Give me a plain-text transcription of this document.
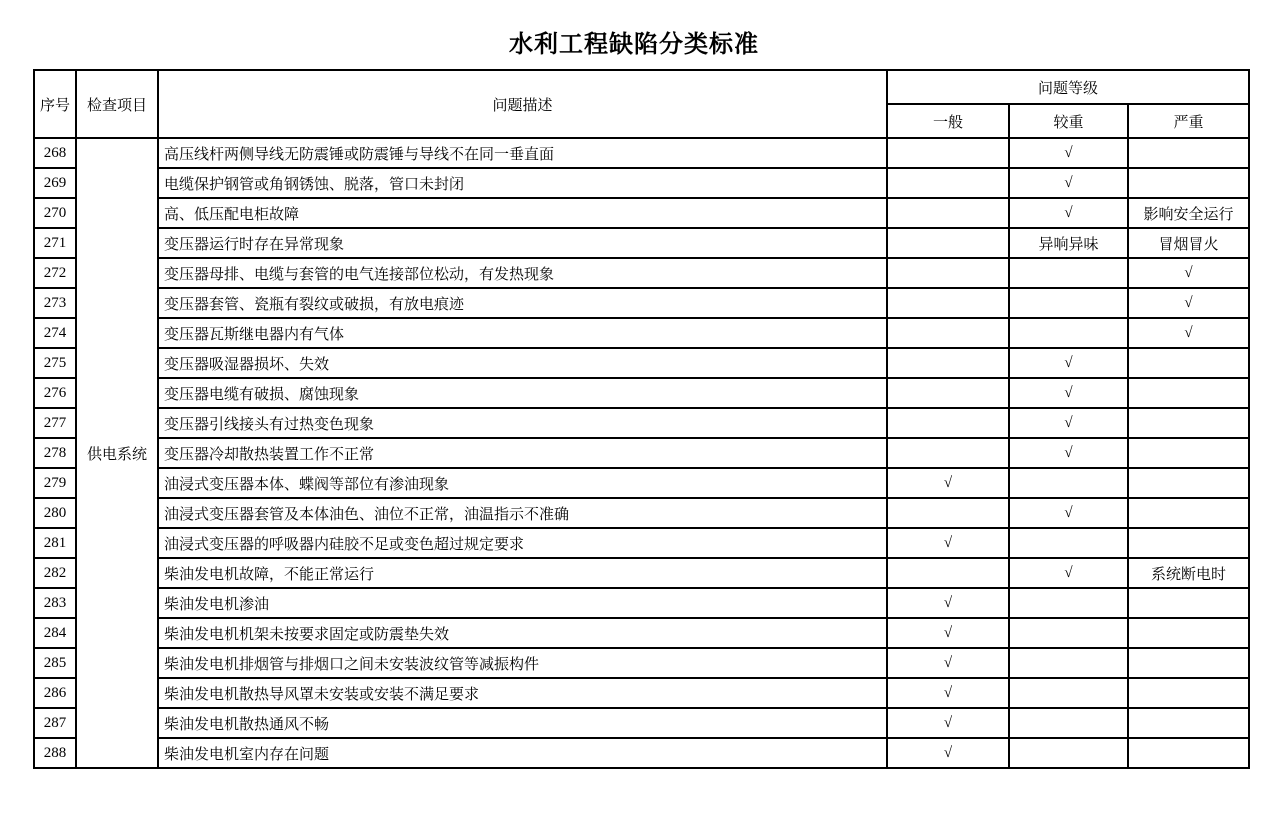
水利工程缺陷分类标准
序号	检查项目	问题描述	问题等级		
			一般	较重	严重
268	供电系统	高压线杆两侧导线无防震锤或防震锤与导线不在同一垂直面		√	
269		电缆保护钢管或角钢锈蚀、脱落，管口未封闭		√	
270		高、低压配电柜故障		√	影响安全运行
271		变压器运行时存在异常现象		异响异味	冒烟冒火
272		变压器母排、电缆与套管的电气连接部位松动，有发热现象			√
273		变压器套管、瓷瓶有裂纹或破损，有放电痕迹			√
274		变压器瓦斯继电器内有气体			√
275		变压器吸湿器损坏、失效		√	
276		变压器电缆有破损、腐蚀现象		√	
277		变压器引线接头有过热变色现象		√	
278		变压器冷却散热装置工作不正常		√	
279		油浸式变压器本体、蝶阀等部位有渗油现象	√		
280		油浸式变压器套管及本体油色、油位不正常，油温指示不准确		√	
281		油浸式变压器的呼吸器内硅胶不足或变色超过规定要求	√		
282		柴油发电机故障，不能正常运行		√	系统断电时
283		柴油发电机渗油	√		
284		柴油发电机机架未按要求固定或防震垫失效	√		
285		柴油发电机排烟管与排烟口之间未安装波纹管等减振构件	√		
286		柴油发电机散热导风罩未安装或安装不满足要求	√		
287		柴油发电机散热通风不畅	√		
288		柴油发电机室内存在问题	√		
